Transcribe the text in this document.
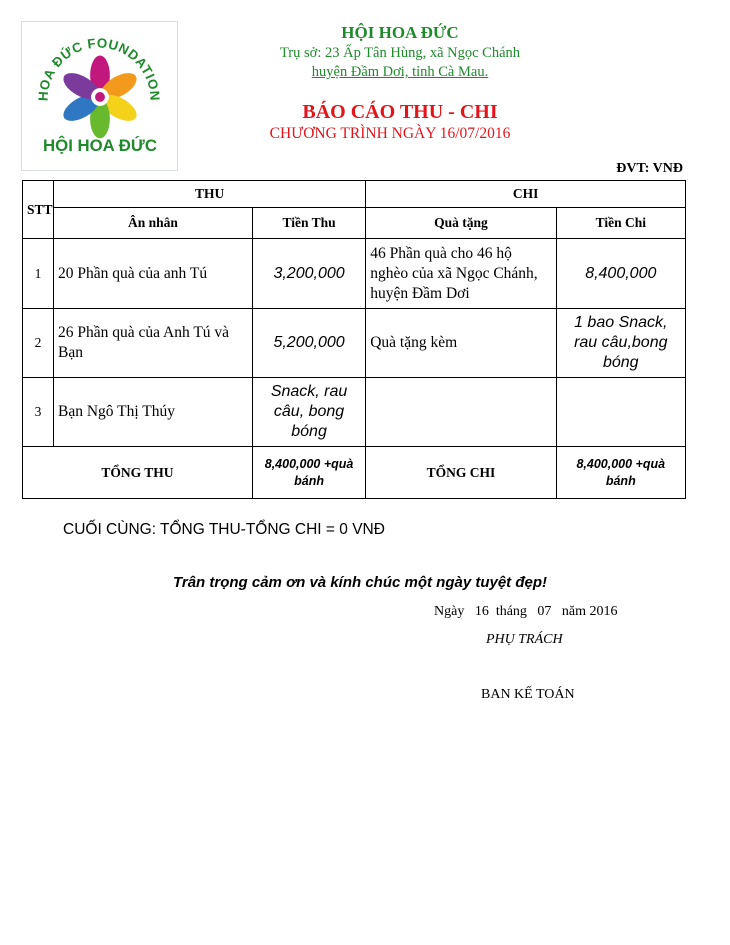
HOA ĐỨC FOUNDATION
HỘI HOA ĐỨC
HỘI HOA ĐỨC
Trụ sở: 23 Ấp Tân Hùng, xã Ngọc Chánh
huyện Đầm Dơi, tỉnh Cà Mau.
BÁO CÁO THU - CHI
CHƯƠNG TRÌNH NGÀY 16/07/2016
ĐVT: VNĐ
STT	THU		CHI	
	Ân nhân	Tiền Thu	Quà tặng	Tiền Chi
1	20 Phần quà của anh Tú	3,200,000	46 Phần quà cho 46 hộ nghèo của xã Ngọc Chánh, huyện Đầm Dơi	8,400,000
2	26 Phần quà của Anh Tú và Bạn	5,200,000	Quà tặng kèm	1 bao Snack, rau câu,bong bóng
3	Bạn Ngô Thị Thúy	Snack, rau câu, bong bóng		
TỔNG THU		8,400,000 +quà bánh	TỔNG CHI	8,400,000 +quà bánh
CUỐI CÙNG: TỔNG THU-TỔNG CHI = 0 VNĐ
Trân trọng cảm ơn và kính chúc một ngày tuyệt đẹp!
Ngày   16  tháng   07   năm 2016
PHỤ TRÁCH
BAN KẾ TOÁN
